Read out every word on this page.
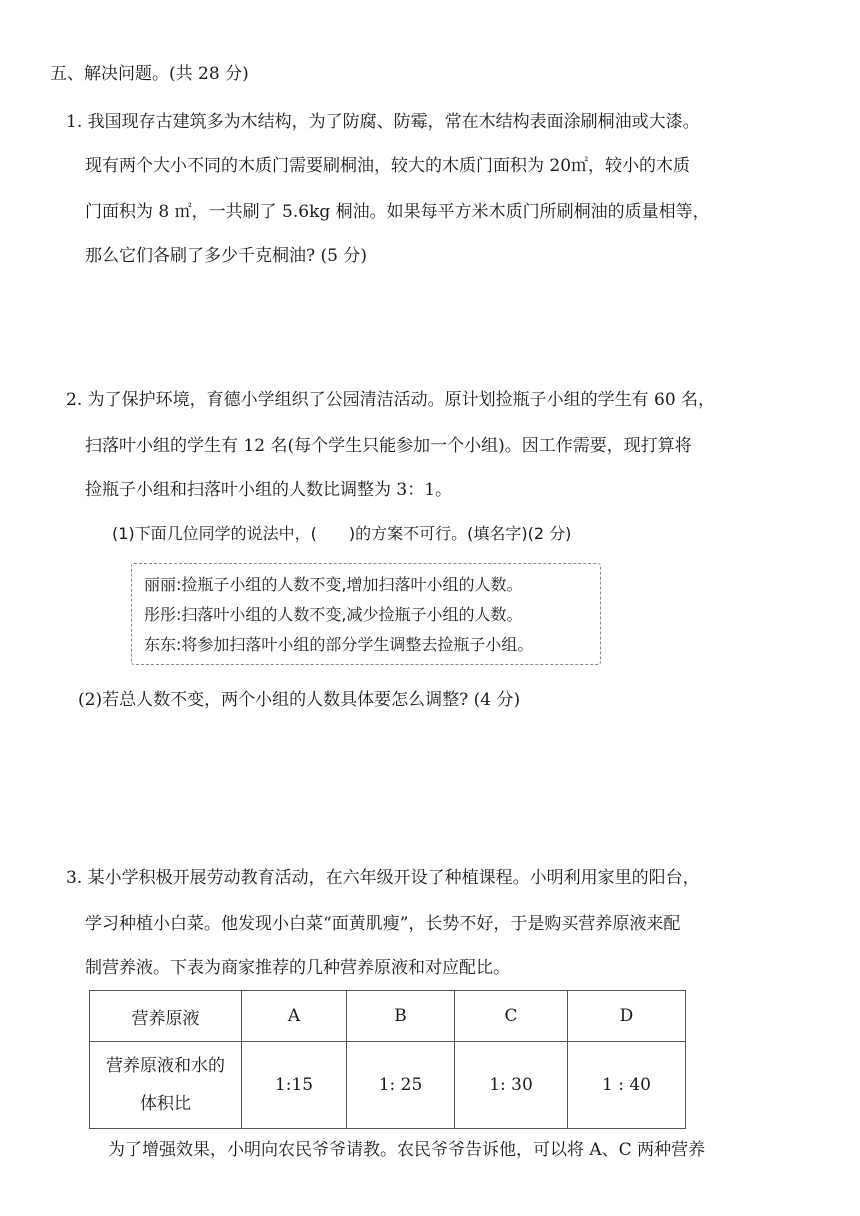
五、解决问题。(共 28 分)
1. 我国现存古建筑多为木结构，为了防腐、防霉，常在木结构表面涂刷桐油或大漆。
现有两个大小不同的木质门需要刷桐油，较大的木质门面积为 20㎡，较小的木质
门面积为 8 ㎡，一共刷了 5.6kg 桐油。如果每平方米木质门所刷桐油的质量相等，
那么它们各刷了多少千克桐油? (5 分)
2. 为了保护环境，育德小学组织了公园清洁活动。原计划捡瓶子小组的学生有 60 名，
扫落叶小组的学生有 12 名(每个学生只能参加一个小组)。因工作需要，现打算将
捡瓶子小组和扫落叶小组的人数比调整为 3：1。
(1)下面几位同学的说法中，(　　)的方案不可行。(填名字)(2 分)
丽丽:捡瓶子小组的人数不变,增加扫落叶小组的人数。
彤彤:扫落叶小组的人数不变,减少捡瓶子小组的人数。
东东:将参加扫落叶小组的部分学生调整去捡瓶子小组。
(2)若总人数不变，两个小组的人数具体要怎么调整? (4 分)
3. 某小学积极开展劳动教育活动，在六年级开设了种植课程。小明利用家里的阳台，
学习种植小白菜。他发现小白菜“面黄肌瘦”，长势不好，于是购买营养原液来配
制营养液。下表为商家推荐的几种营养原液和对应配比。
营养原液	A	B	C	D

营养原液和水的体积比	1:15	1: 25	1: 30	1 : 40
为了增强效果，小明向农民爷爷请教。农民爷爷告诉他，可以将 A、C 两种营养
